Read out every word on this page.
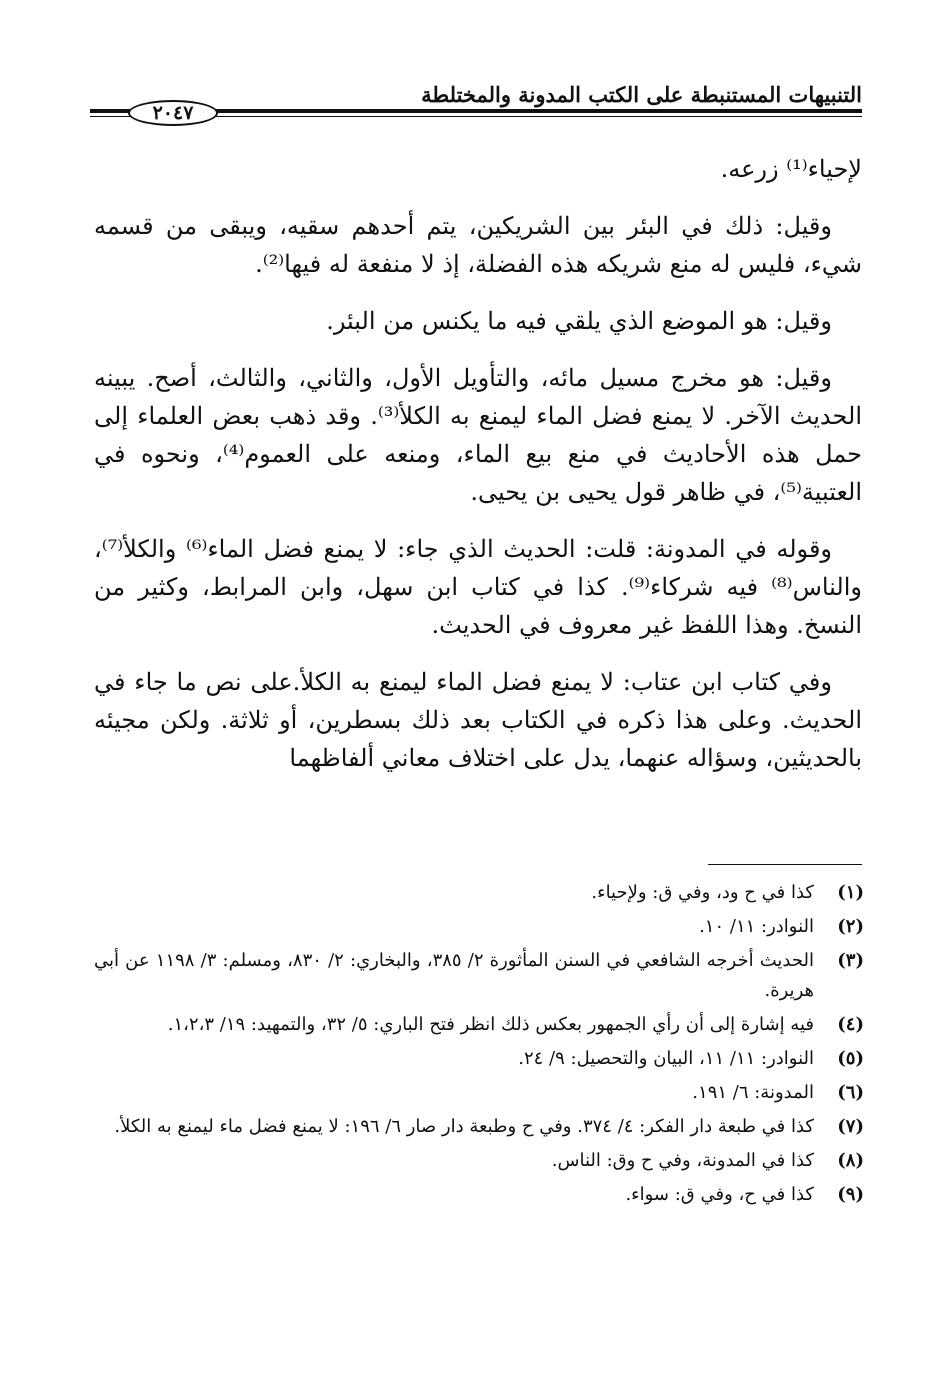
التنبيهات المستنبطة على الكتب المدونة والمختلطة
٢٠٤٧

لإحياء⁽¹⁾ زرعه.

وقيل: ذلك في البئر بين الشريكين، يتم أحدهم سقيه، ويبقى من قسمه شيء، فليس له منع شريكه هذه الفضلة، إذ لا منفعة له فيها⁽²⁾.

وقيل: هو الموضع الذي يلقي فيه ما يكنس من البئر.

وقيل: هو مخرج مسيل مائه، والتأويل الأول، والثاني، والثالث، أصح. يبينه الحديث الآخر. لا يمنع فضل الماء ليمنع به الكلأ⁽³⁾. وقد ذهب بعض العلماء إلى حمل هذه الأحاديث في منع بيع الماء، ومنعه على العموم⁽⁴⁾، ونحوه في العتبية⁽⁵⁾، في ظاهر قول يحيى بن يحيى.

وقوله في المدونة: قلت: الحديث الذي جاء: لا يمنع فضل الماء⁽⁶⁾ والكلأ⁽⁷⁾، والناس⁽⁸⁾ فيه شركاء⁽⁹⁾. كذا في كتاب ابن سهل، وابن المرابط، وكثير من النسخ. وهذا اللفظ غير معروف في الحديث.

وفي كتاب ابن عتاب: لا يمنع فضل الماء ليمنع به الكلأ.على نص ما جاء في الحديث. وعلى هذا ذكره في الكتاب بعد ذلك بسطرين، أو ثلاثة. ولكن مجيئه بالحديثين، وسؤاله عنهما، يدل على اختلاف معاني ألفاظهما

(١)
كذا في ح ود، وفي ق: ولإحياء.
(٢)
النوادر: ١١/ ١٠.
(٣)
الحديث أخرجه الشافعي في السنن المأثورة ٢/ ٣٨٥، والبخاري: ٢/ ٨٣٠، ومسلم: ٣/ ١١٩٨ عن أبي هريرة.
(٤)
فيه إشارة إلى أن رأي الجمهور بعكس ذلك انظر فتح الباري: ٥/ ٣٢، والتمهيد: ١٩/ ١،٢،٣.
(٥)
النوادر: ١١/ ١١، البيان والتحصيل: ٩/ ٢٤.
(٦)
المدونة: ٦/ ١٩١.
(٧)
كذا في طبعة دار الفكر: ٤/ ٣٧٤. وفي ح وطبعة دار صار ٦/ ١٩٦: لا يمنع فضل ماء ليمنع به الكلأ.
(٨)
كذا في المدونة، وفي ح وق: الناس.
(٩)
كذا في ح، وفي ق: سواء.
